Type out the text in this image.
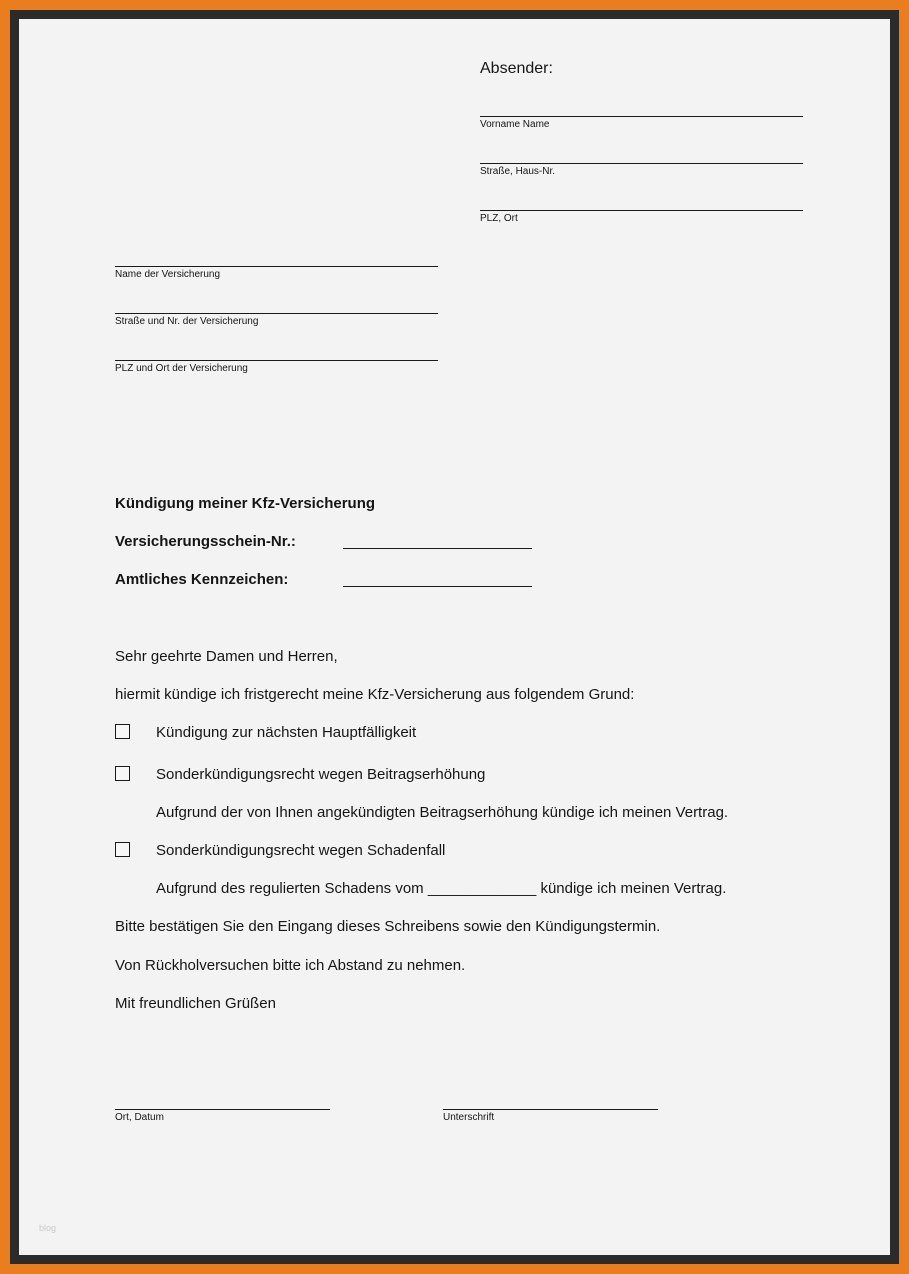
Absender:
Vorname Name
Straße, Haus-Nr.
PLZ, Ort
Name der Versicherung
Straße und Nr. der Versicherung
PLZ und Ort der Versicherung
Kündigung meiner Kfz-Versicherung
Versicherungsschein-Nr.:
Amtliches Kennzeichen:
Sehr geehrte Damen und Herren,
hiermit kündige ich fristgerecht meine Kfz-Versicherung aus folgendem Grund:
Kündigung zur nächsten Hauptfälligkeit
Sonderkündigungsrecht wegen Beitragserhöhung
Aufgrund der von Ihnen angekündigten Beitragserhöhung kündige ich meinen Vertrag.
Sonderkündigungsrecht wegen Schadenfall
Aufgrund des regulierten Schadens vom _____________ kündige ich meinen Vertrag.
Bitte bestätigen Sie den Eingang dieses Schreibens sowie den Kündigungstermin.
Von Rückholversuchen bitte ich Abstand zu nehmen.
Mit freundlichen Grüßen
Ort, Datum	Unterschrift
blog
